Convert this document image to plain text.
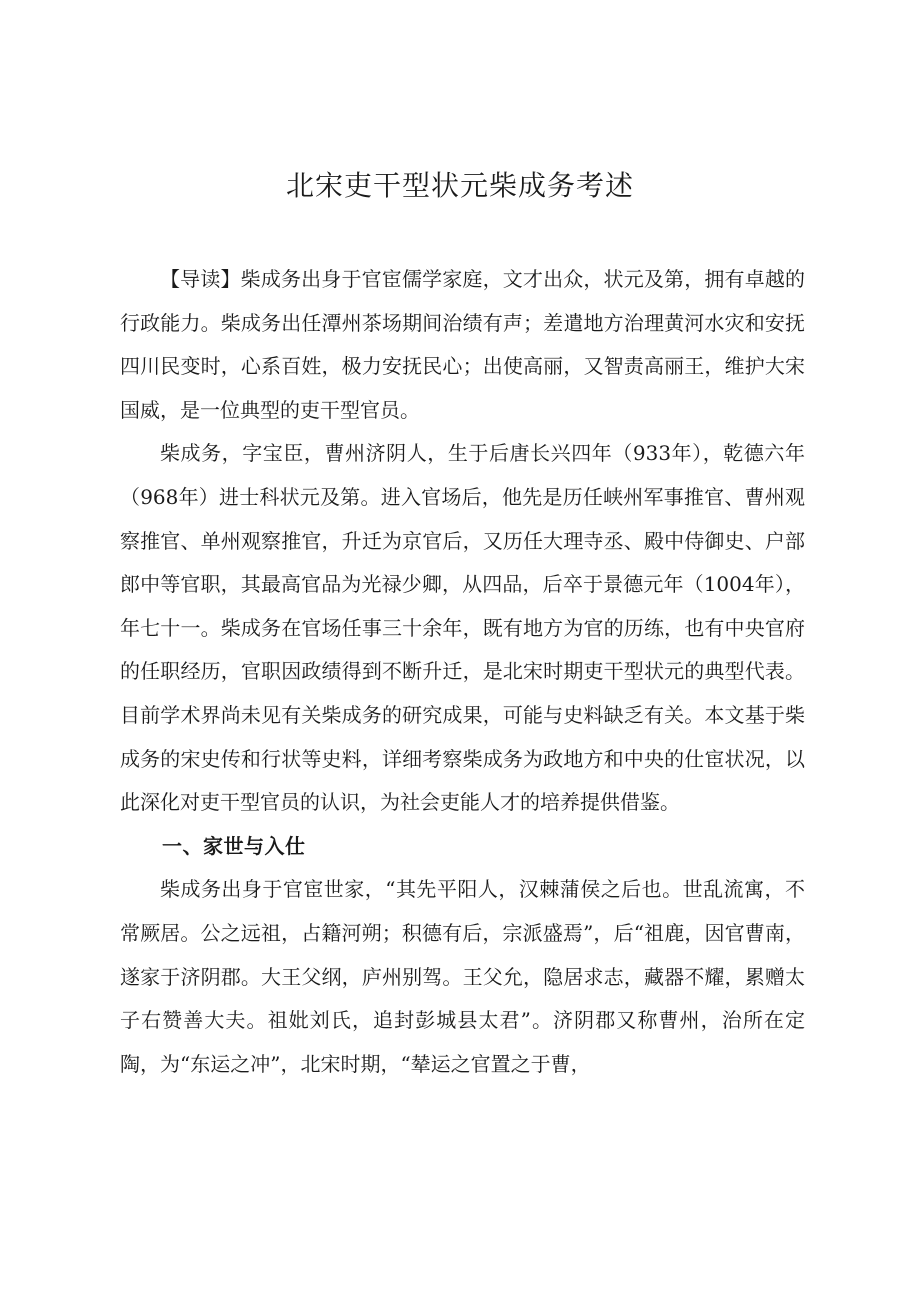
北宋吏干型状元柴成务考述

【导读】柴成务出身于官宦儒学家庭，文才出众，状元及第，拥有卓越的行政能力。柴成务出任潭州茶场期间治绩有声；差遣地方治理黄河水灾和安抚四川民变时，心系百姓，极力安抚民心；出使高丽，又智责高丽王，维护大宋国威，是一位典型的吏干型官员。

柴成务，字宝臣，曹州济阴人，生于后唐长兴四年（933年），乾德六年（968年）进士科状元及第。进入官场后，他先是历任峡州军事推官、曹州观察推官、单州观察推官，升迁为京官后，又历任大理寺丞、殿中侍御史、户部郎中等官职，其最高官品为光禄少卿，从四品，后卒于景德元年（1004年），年七十一。柴成务在官场任事三十余年，既有地方为官的历练，也有中央官府的任职经历，官职因政绩得到不断升迁，是北宋时期吏干型状元的典型代表。目前学术界尚未见有关柴成务的研究成果，可能与史料缺乏有关。本文基于柴成务的宋史传和行状等史料，详细考察柴成务为政地方和中央的仕宦状况，以此深化对吏干型官员的认识，为社会吏能人才的培养提供借鉴。

一、家世与入仕

柴成务出身于官宦世家，“其先平阳人，汉棘蒲侯之后也。世乱流寓，不常厥居。公之远祖，占籍河朔；积德有后，宗派盛焉”，后“祖鹿，因官曹南，遂家于济阴郡。大王父纲，庐州别驾。王父允，隐居求志，藏器不耀，累赠太子右赞善大夫。祖妣刘氏，追封彭城县太君”。济阴郡又称曹州，治所在定陶，为“东运之冲”，北宋时期，“辇运之官置之于曹，
